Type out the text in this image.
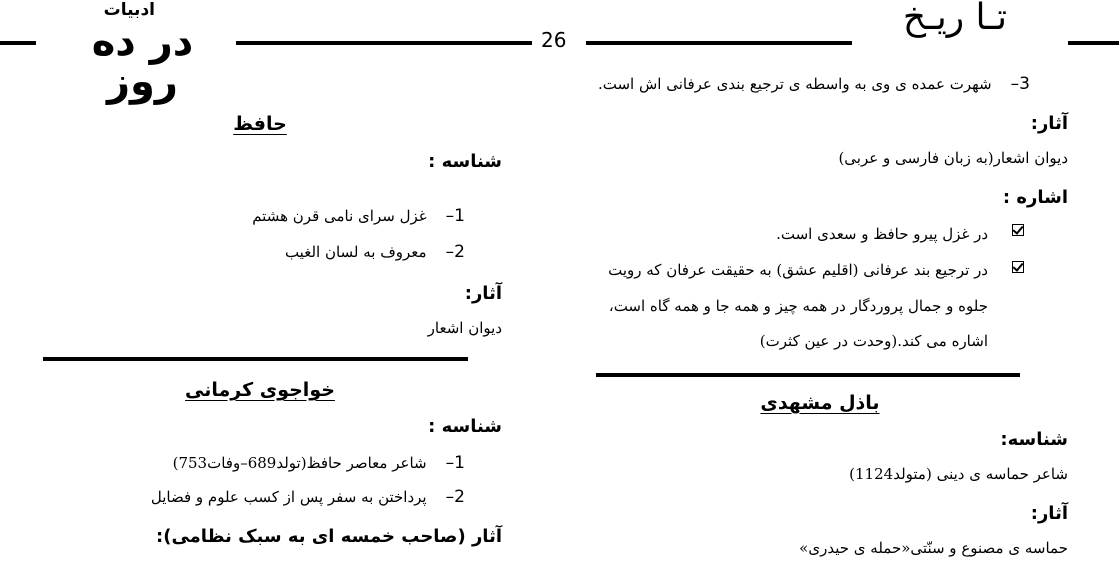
ادبيات
در ده روز
26
تـا ريـخ
3–    شهرت عمده ی وی به واسطه ی ترجیع بندی عرفانی اش است.
آثار:
دیوان اشعار(به زبان فارسی و عربی)
اشاره :
در غزل پیرو حافظ و سعدی است.
در ترجیع بند عرفانی (اقلیم عشق) به حقیقت عرفان که رویت
جلوه و جمال پروردگار در همه چیز و همه جا و همه گاه است،
اشاره می کند.(وحدت در عین کثرت)
باذل مشهدی
شناسه:
شاعر حماسه ی دینی (متولد1124)
آثار:
حماسه ی مصنوع و سنّتی«حمله ی حیدری»
حافظ
شناسه :
1–    غزل سرای نامی قرن هشتم
2–    معروف به لسان الغیب
آثار:
دیوان اشعار
خواجوی کرمانی
شناسه :
1–    شاعر معاصر حافظ(تولد689–وفات753)
2–    پرداختن به سفر پس از کسب علوم و فضایل
آثار (صاحب خمسه ای به سبک نظامی):
